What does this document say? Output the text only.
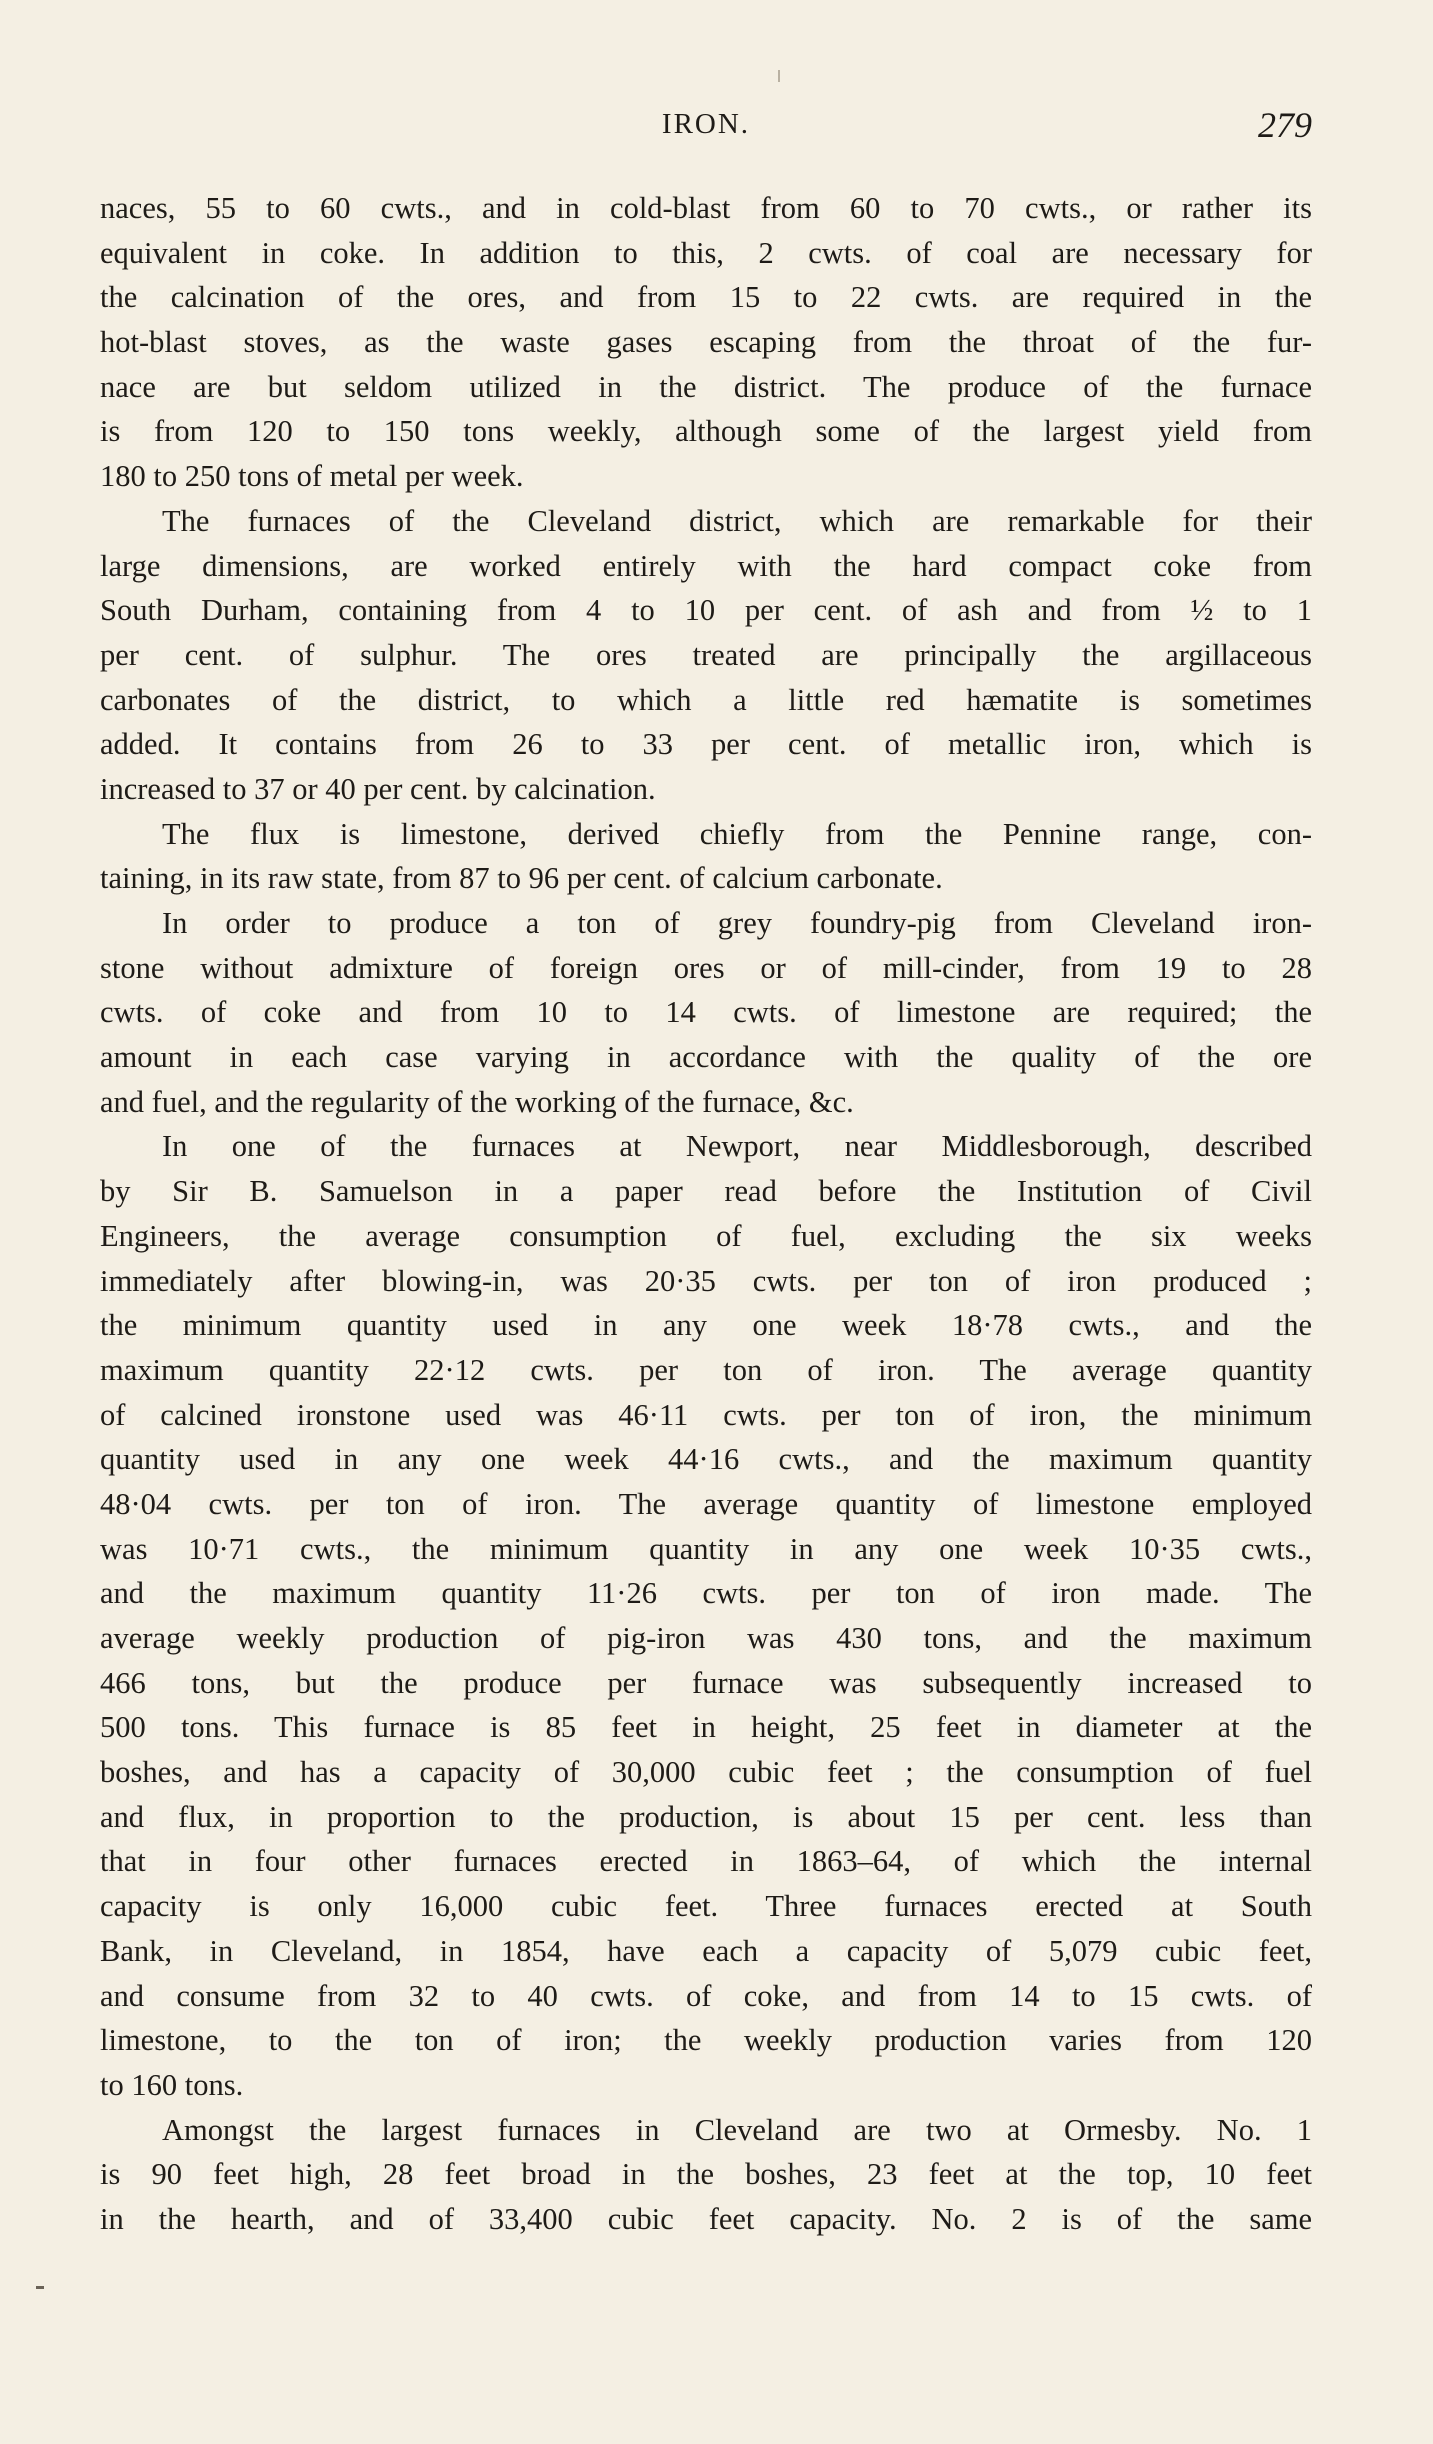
IRON.	279
naces, 55 to 60 cwts., and in cold-blast from 60 to 70 cwts., or rather its
equivalent in coke. In addition to this, 2 cwts. of coal are necessary for
the calcination of the ores, and from 15 to 22 cwts. are required in the
hot-blast stoves, as the waste gases escaping from the throat of the fur-
nace are but seldom utilized in the district. The produce of the furnace
is from 120 to 150 tons weekly, although some of the largest yield from
180 to 250 tons of metal per week.
The furnaces of the Cleveland district, which are remarkable for their
large dimensions, are worked entirely with the hard compact coke from
South Durham, containing from 4 to 10 per cent. of ash and from ½ to 1
per cent. of sulphur. The ores treated are principally the argillaceous
carbonates of the district, to which a little red hæmatite is sometimes
added. It contains from 26 to 33 per cent. of metallic iron, which is
increased to 37 or 40 per cent. by calcination.
The flux is limestone, derived chiefly from the Pennine range, con-
taining, in its raw state, from 87 to 96 per cent. of calcium carbonate.
In order to produce a ton of grey foundry-pig from Cleveland iron-
stone without admixture of foreign ores or of mill-cinder, from 19 to 28
cwts. of coke and from 10 to 14 cwts. of limestone are required; the
amount in each case varying in accordance with the quality of the ore
and fuel, and the regularity of the working of the furnace, &c.
In one of the furnaces at Newport, near Middlesborough, described
by Sir B. Samuelson in a paper read before the Institution of Civil
Engineers, the average consumption of fuel, excluding the six weeks
immediately after blowing-in, was 20·35 cwts. per ton of iron produced ;
the minimum quantity used in any one week 18·78 cwts., and the
maximum quantity 22·12 cwts. per ton of iron. The average quantity
of calcined ironstone used was 46·11 cwts. per ton of iron, the minimum
quantity used in any one week 44·16 cwts., and the maximum quantity
48·04 cwts. per ton of iron. The average quantity of limestone employed
was 10·71 cwts., the minimum quantity in any one week 10·35 cwts.,
and the maximum quantity 11·26 cwts. per ton of iron made. The
average weekly production of pig-iron was 430 tons, and the maximum
466 tons, but the produce per furnace was subsequently increased to
500 tons. This furnace is 85 feet in height, 25 feet in diameter at the
boshes, and has a capacity of 30,000 cubic feet ; the consumption of fuel
and flux, in proportion to the production, is about 15 per cent. less than
that in four other furnaces erected in 1863–64, of which the internal
capacity is only 16,000 cubic feet. Three furnaces erected at South
Bank, in Cleveland, in 1854, have each a capacity of 5,079 cubic feet,
and consume from 32 to 40 cwts. of coke, and from 14 to 15 cwts. of
limestone, to the ton of iron; the weekly production varies from 120
to 160 tons.
Amongst the largest furnaces in Cleveland are two at Ormesby. No. 1
is 90 feet high, 28 feet broad in the boshes, 23 feet at the top, 10 feet
in the hearth, and of 33,400 cubic feet capacity. No. 2 is of the same
